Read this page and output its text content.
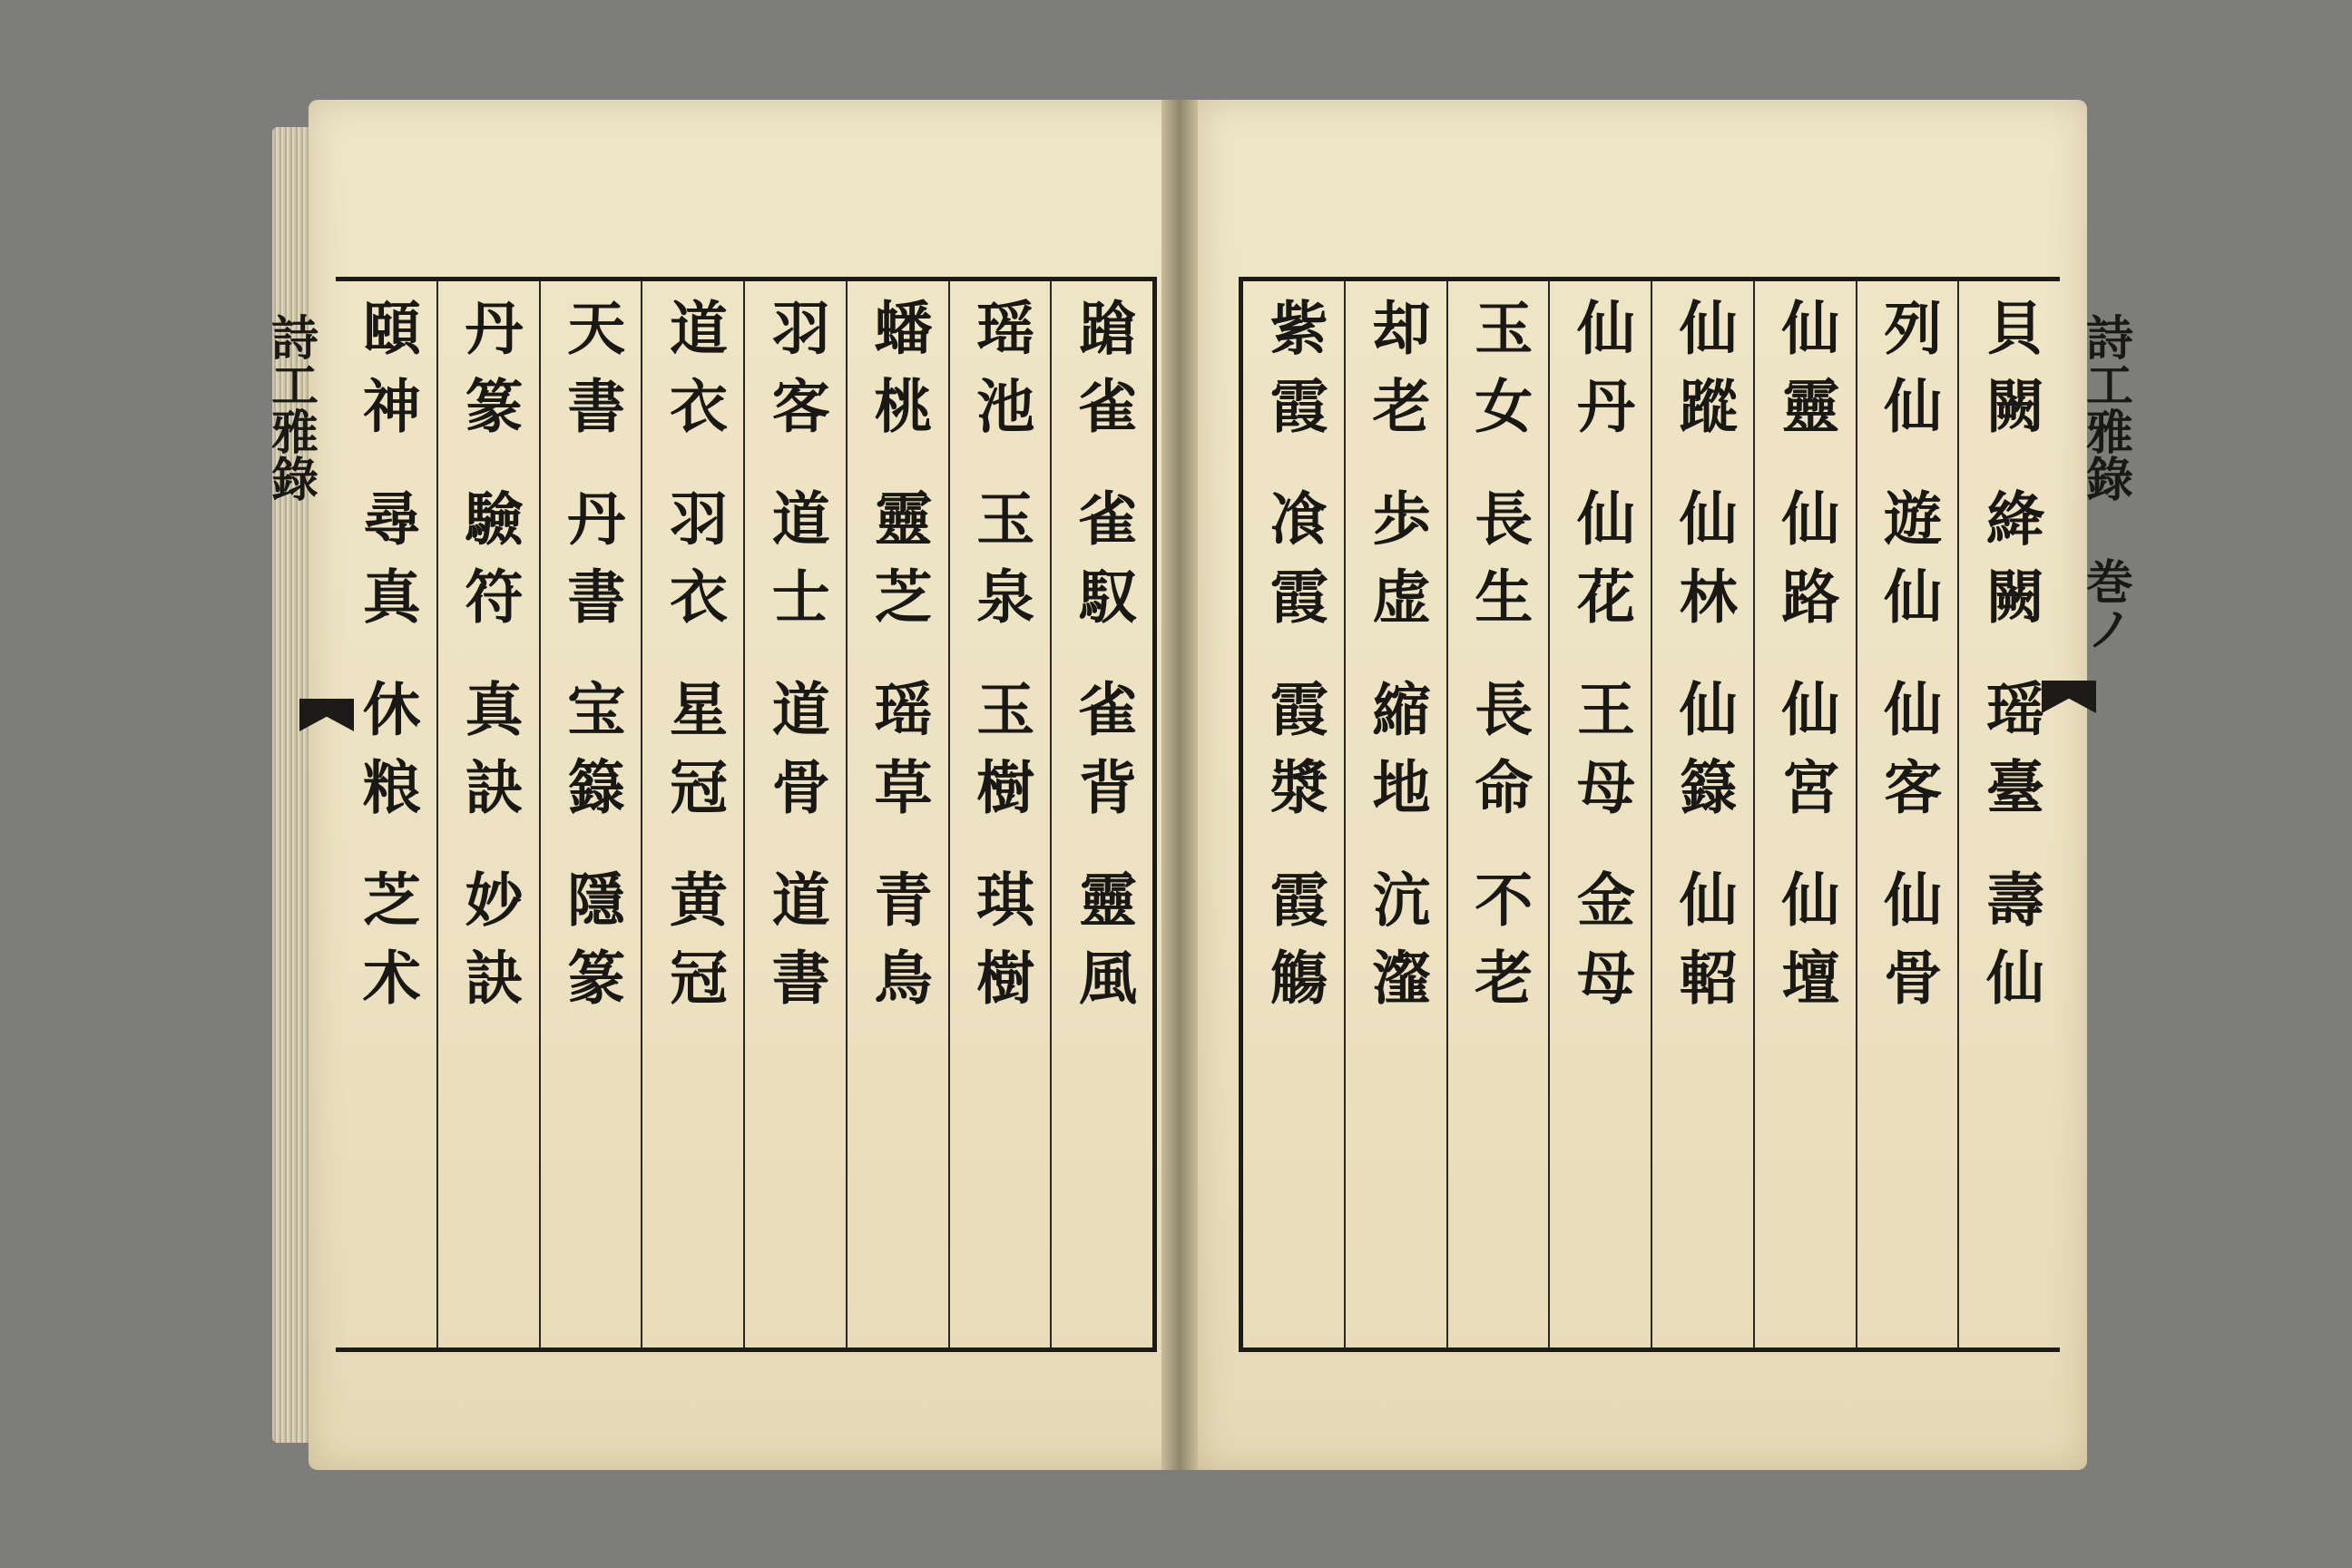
詩工雅錄	蹌雀
雀馭
雀背
靈風
瑶池
玉泉
玉樹
琪樹
蟠桃
靈芝
瑶草
青鳥
羽客
道士
道骨
道書
道衣
羽衣
星冠
黄冠
天書
丹書
宝籙
隱篆
丹篆
驗符
真訣
妙訣
頤神
尋真
休粮
芝术
詩工雅錄 巻ノ
貝闕
絳闕
瑶臺
壽仙
列仙
遊仙
仙客
仙骨
仙靈
仙路
仙宮
仙壇
仙蹤
仙林
仙籙
仙軺
仙丹
仙花
王母
金母
玉女
長生
長命
不老
却老
歩虚
縮地
沆瀣
紫霞
飡霞
霞漿
霞觴
